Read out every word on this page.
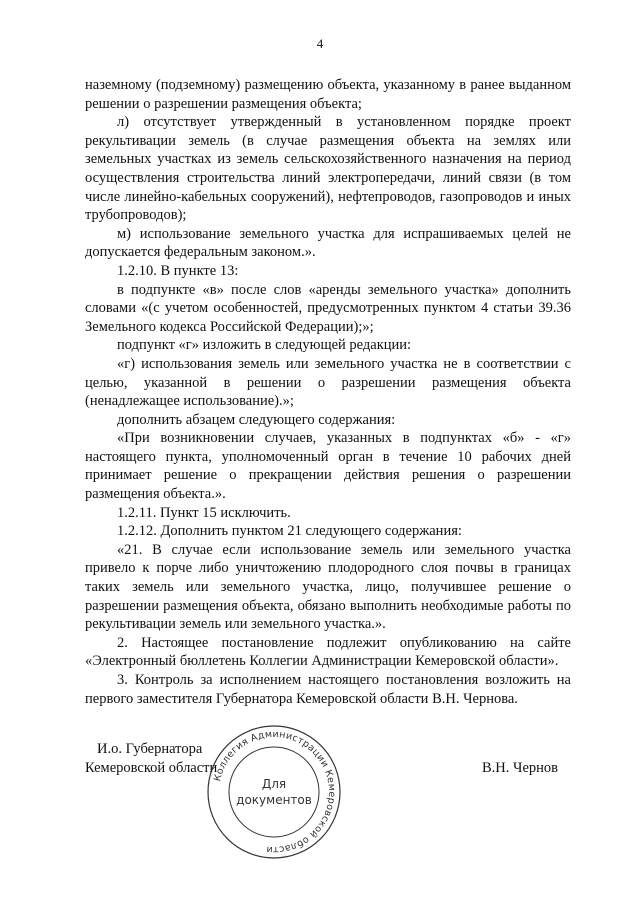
4

наземному (подземному) размещению объекта, указанному в ранее выданном решении о разрешении размещения объекта;

л) отсутствует утвержденный в установленном порядке проект рекультивации земель (в случае размещения объекта на землях или земельных участках из земель сельскохозяйственного назначения на период осуществления строительства линий электропередачи, линий связи (в том числе линейно-кабельных сооружений), нефтепроводов, газопроводов и иных трубопроводов);

м) использование земельного участка для испрашиваемых целей не допускается федеральным законом.».

1.2.10. В пункте 13:

в подпункте «в» после слов «аренды земельного участка» дополнить словами «(с учетом особенностей, предусмотренных пунктом 4 статьи 39.36 Земельного кодекса Российской Федерации);»;

подпункт «г» изложить в следующей редакции:

«г) использования земель или земельного участка не в соответствии с целью, указанной в решении о разрешении размещения объекта (ненадлежащее использование).»;

дополнить абзацем следующего содержания:

«При возникновении случаев, указанных в подпунктах «б» - «г» настоящего пункта, уполномоченный орган в течение 10 рабочих дней принимает решение о прекращении действия решения о разрешении размещения объекта.».

1.2.11. Пункт 15 исключить.

1.2.12. Дополнить пунктом 21 следующего содержания:

«21. В случае если использование земель или земельного участка привело к порче либо уничтожению плодородного слоя почвы в границах таких земель или земельного участка, лицо, получившее решение о разрешении размещения объекта, обязано выполнить необходимые работы по рекультивации земель или земельного участка.».

2. Настоящее постановление подлежит опубликованию на сайте «Электронный бюллетень Коллегии Администрации Кемеровской области».

3. Контроль за исполнением настоящего постановления возложить на первого заместителя Губернатора Кемеровской области В.Н. Чернова.

И.о. Губернатора
Кемеровской области	В.Н. Чернов
Коллегия Администрации Кемеровской области
Для
документов
